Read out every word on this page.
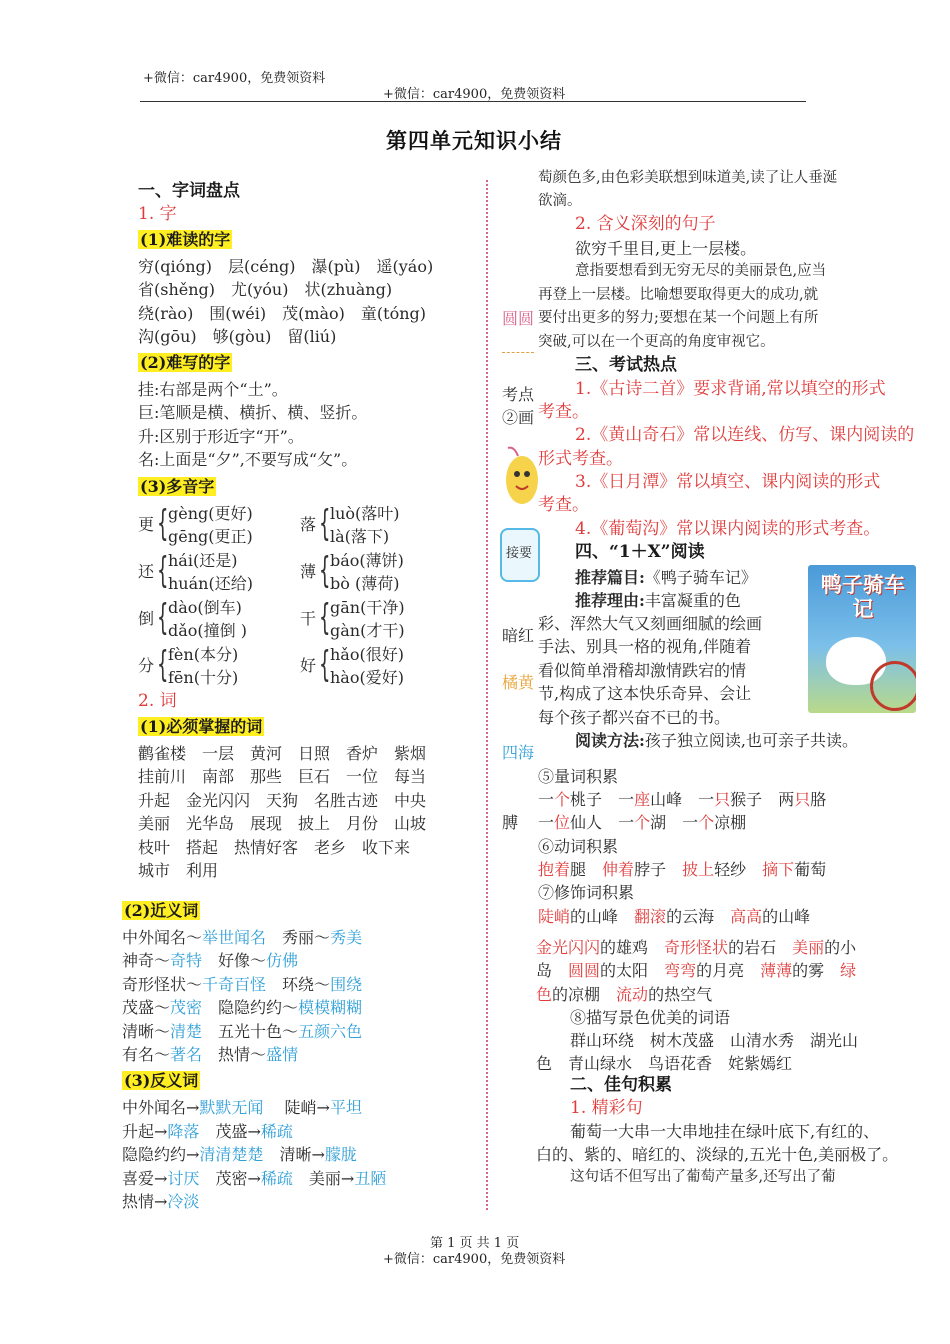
+微信：car4900，免费领资料
+微信：car4900，免费领资料
第四单元知识小结
一、字词盘点
1. 字
(1)难读的字
穷(qióng)　层(céng)　瀑(pù)　遥(yáo)
省(shěng)　尤(yóu)　状(zhuàng)
绕(rào)　围(wéi)　茂(mào)　童(tóng)
沟(gōu)　够(gòu)　留(liú)
(2)难写的字
挂:右部是两个“土”。
巨:笔顺是横、横折、横、竖折。
升:区别于形近字“开”。
名:上面是“夕”,不要写成“攵”。
(3)多音字
更 { gèng(更好)
gēng(更正)
落 { luò(落叶)
là(落下)
还 { hái(还是)
huán(还给)
薄 { báo(薄饼)
bò (薄荷)
倒 { dào(倒车)
dǎo(撞倒 )
干 { gān(干净)
gàn(才干)
分 { fèn(本分)
fēn(十分)
好 { hǎo(很好)
hào(爱好)
2. 词
(1)必须掌握的词
鹳雀楼　一层　黄河　日照　香炉　紫烟
挂前川　南部　那些　巨石　一位　每当
升起　金光闪闪　天狗　名胜古迹　中央
美丽　光华岛　展现　披上　月份　山坡
枝叶　搭起　热情好客　老乡　收下来
城市　利用
(2)近义词
中外闻名～举世闻名　 秀丽～秀美
神奇～奇特　 好像～仿佛
奇形怪状～千奇百怪　 环绕～围绕
茂盛～茂密　 隐隐约约～模模糊糊
清晰～清楚　 五光十色～五颜六色
有名～著名　 热情～盛情
(3)反义词
中外闻名→默默无闻　 陡峭→平坦
升起→降落　 茂盛→稀疏
隐隐约约→清清楚楚　 清晰→朦胧
喜爱→讨厌　 茂密→稀疏　 美丽→丑陋
热情→冷淡
萄颜色多,由色彩美联想到味道美,读了让人垂涎
欲滴。
2. 含义深刻的句子
欲穷千里目,更上一层楼。
意指要想看到无穷无尽的美丽景色,应当
再登上一层楼。比喻想要取得更大的成功,就
要付出更多的努力;要想在某一个问题上有所
突破,可以在一个更高的角度审视它。
圆圆
三、考试热点
考点
②画
1.《古诗二首》要求背诵,常以填空的形式
考查。
2.《黄山奇石》常以连线、仿写、课内阅读的
形式考查。
3.《日月潭》常以填空、课内阅读的形式
考查。
4.《葡萄沟》常以课内阅读的形式考查。
接要	四、“1＋X”阅读
推荐篇目:《鸭子骑车记》
推荐理由:丰富凝重的色
彩、浑然大气又刻画细腻的绘画
手法、别具一格的视角,伴随着
看似简单滑稽却激情跌宕的情
节,构成了这本快乐奇异、会让
每个孩子都兴奋不已的书。
暗红
橘黄
鸭子骑车记
阅读方法:孩子独立阅读,也可亲子共读。
四海
⑤量词积累
一个桃子　 一座山峰　 一只猴子　 两只胳
膊 一位仙人　 一个湖　 一个凉棚
⑥动词积累
抱着腿　 伸着脖子　 披上轻纱　 摘下葡萄
⑦修饰词积累
陡峭的山峰　 翻滚的云海　 高高的山峰
金光闪闪的雄鸡　 奇形怪状的岩石　 美丽的小
岛　 圆圆的太阳　 弯弯的月亮　 薄薄的雾　 绿
色的凉棚　 流动的热空气
⑧描写景色优美的词语
群山环绕　树木茂盛　山清水秀　湖光山
色　青山绿水　鸟语花香　姹紫嫣红
二、佳句积累
1. 精彩句
葡萄一大串一大串地挂在绿叶底下,有红的、
白的、紫的、暗红的、淡绿的,五光十色,美丽极了。
这句话不但写出了葡萄产量多,还写出了葡
第 1 页 共 1 页
+微信：car4900，免费领资料
